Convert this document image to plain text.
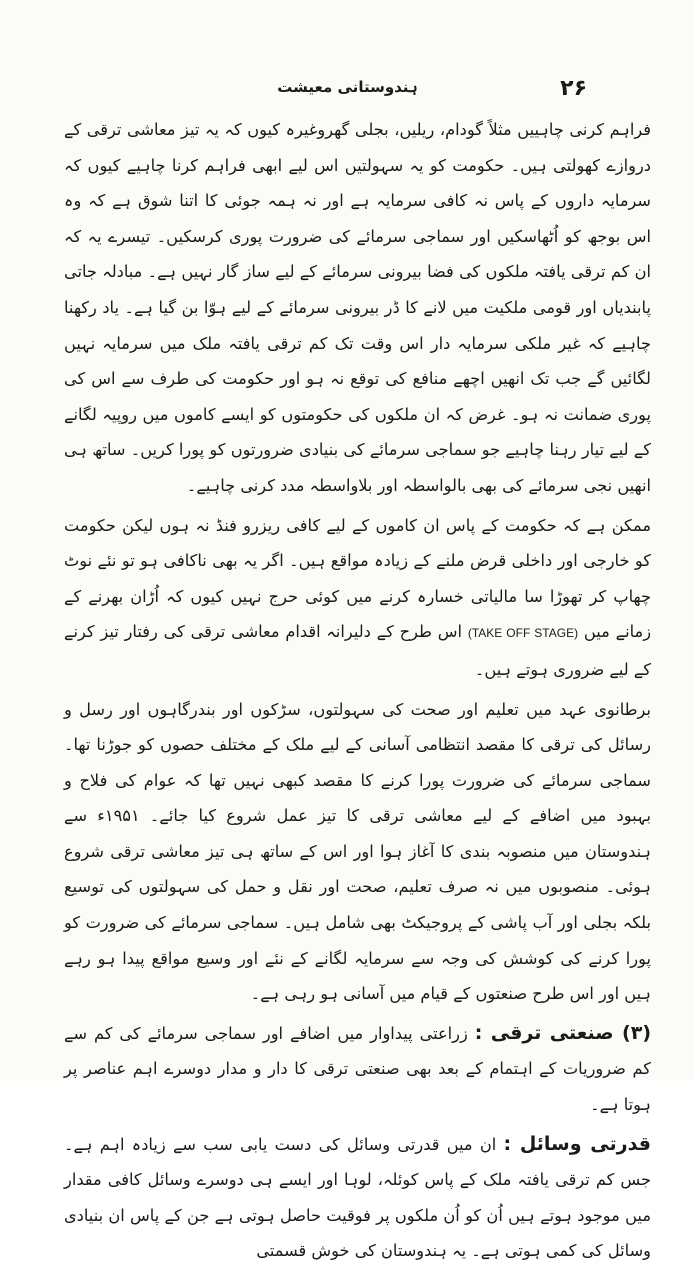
۲۶
ہندوستانی معیشت

فراہم کرنی چاہییں مثلاً گودام، ریلیں، بجلی گھروغیرہ کیوں کہ یہ تیز معاشی ترقی کے دروازے کھولتی ہیں۔ حکومت کو یہ سہولتیں اس لیے ابھی فراہم کرنا چاہیے کیوں کہ سرمایہ داروں کے پاس نہ کافی سرمایہ ہے اور نہ ہمہ جوئی کا اتنا شوق ہے کہ وہ اس بوجھ کو اُٹھاسکیں اور سماجی سرمائے کی ضرورت پوری کرسکیں۔ تیسرے یہ کہ ان کم ترقی یافتہ ملکوں کی فضا بیرونی سرمائے کے لیے ساز گار نہیں ہے۔ مبادلہ جاتی پابندیاں اور قومی ملکیت میں لانے کا ڈر بیرونی سرمائے کے لیے ہوّا بن گیا ہے۔ یاد رکھنا چاہیے کہ غیر ملکی سرمایہ دار اس وقت تک کم ترقی یافتہ ملک میں سرمایہ نہیں لگائیں گے جب تک انھیں اچھے منافع کی توقع نہ ہو اور حکومت کی طرف سے اس کی پوری ضمانت نہ ہو۔ غرض کہ ان ملکوں کی حکومتوں کو ایسے کاموں میں روپیہ لگانے کے لیے تیار رہنا چاہیے جو سماجی سرمائے کی بنیادی ضرورتوں کو پورا کریں۔ ساتھ ہی انھیں نجی سرمائے کی بھی بالواسطہ اور بلاواسطہ مدد کرنی چاہیے۔

ممکن ہے کہ حکومت کے پاس ان کاموں کے لیے کافی ریزرو فنڈ نہ ہوں لیکن حکومت کو خارجی اور داخلی قرض ملنے کے زیادہ مواقع ہیں۔ اگر یہ بھی ناکافی ہو تو نئے نوٹ چھاپ کر تھوڑا سا مالیاتی خسارہ کرنے میں کوئی حرج نہیں کیوں کہ اُڑان بھرنے کے زمانے میں (TAKE OFF STAGE) اس طرح کے دلیرانہ اقدام معاشی ترقی کی رفتار تیز کرنے کے لیے ضروری ہوتے ہیں۔

برطانوی عہد میں تعلیم اور صحت کی سہولتوں، سڑکوں اور بندرگاہوں اور رسل و رسائل کی ترقی کا مقصد انتظامی آسانی کے لیے ملک کے مختلف حصوں کو جوڑنا تھا۔ سماجی سرمائے کی ضرورت پورا کرنے کا مقصد کبھی نہیں تھا کہ عوام کی فلاح و بہبود میں اضافے کے لیے معاشی ترقی کا تیز عمل شروع کیا جائے۔ ۱۹۵۱ء سے ہندوستان میں منصوبہ بندی کا آغاز ہوا اور اس کے ساتھ ہی تیز معاشی ترقی شروع ہوئی۔ منصوبوں میں نہ صرف تعلیم، صحت اور نقل و حمل کی سہولتوں کی توسیع بلکہ بجلی اور آب پاشی کے پروجیکٹ بھی شامل ہیں۔ سماجی سرمائے کی ضرورت کو پورا کرنے کی کوشش کی وجہ سے سرمایہ لگانے کے نئے اور وسیع مواقع پیدا ہو رہے ہیں اور اس طرح صنعتوں کے قیام میں آسانی ہو رہی ہے۔

(۳) صنعتی ترقی : زراعتی پیداوار میں اضافے اور سماجی سرمائے کی کم سے کم ضروریات کے اہتمام کے بعد بھی صنعتی ترقی کا دار و مدار دوسرے اہم عناصر پر ہوتا ہے۔

قدرتی وسائل : ان میں قدرتی وسائل کی دست یابی سب سے زیادہ اہم ہے۔ جس کم ترقی یافتہ ملک کے پاس کوئلہ، لوہا اور ایسے ہی دوسرے وسائل کافی مقدار میں موجود ہوتے ہیں اُن کو اُن ملکوں پر فوقیت حاصل ہوتی ہے جن کے پاس ان بنیادی وسائل کی کمی ہوتی ہے۔ یہ ہندوستان کی خوش قسمتی
